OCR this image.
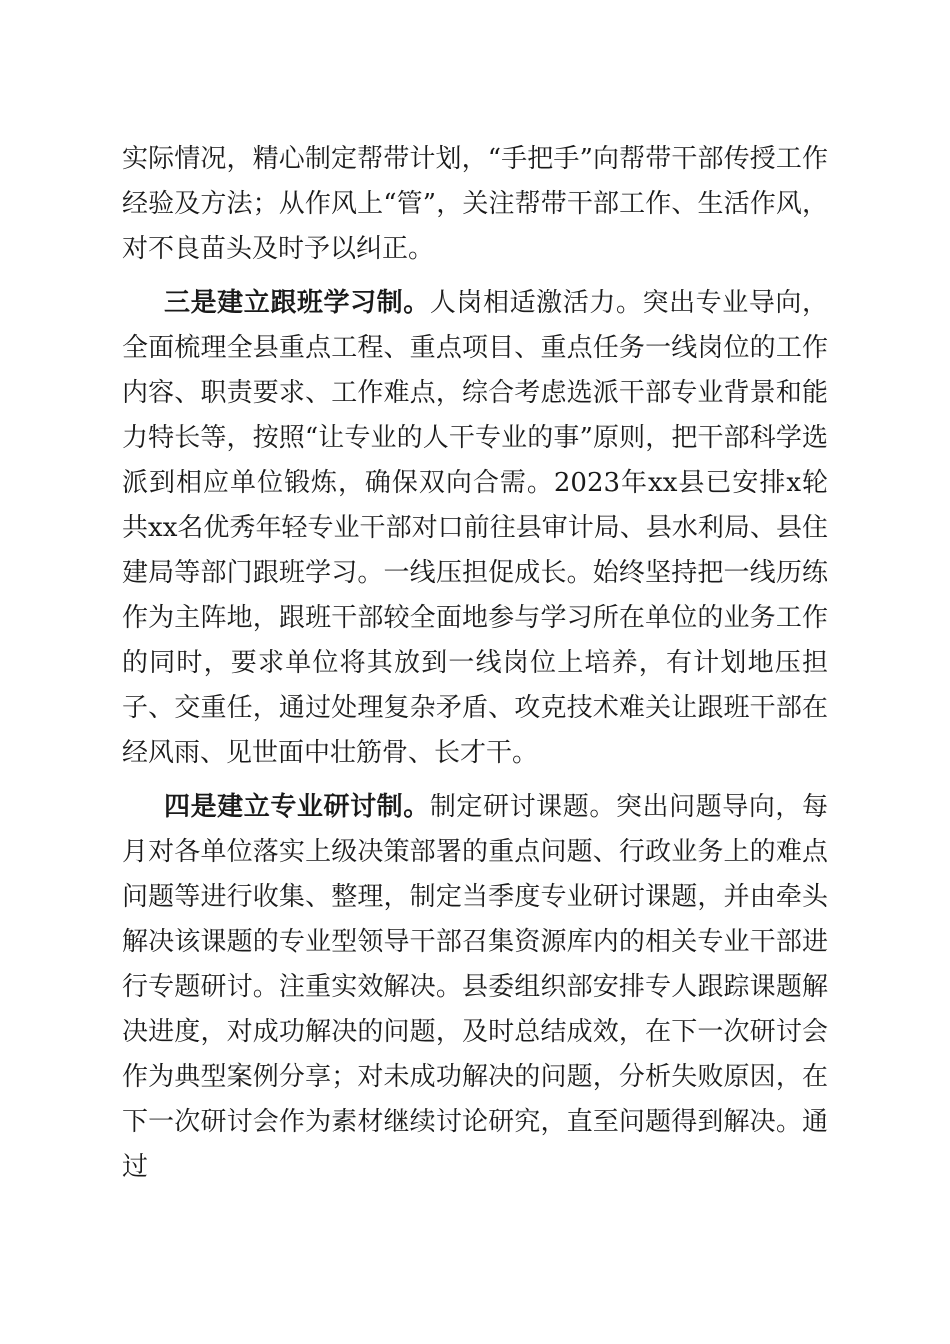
实际情况，精心制定帮带计划，“手把手”向帮带干部传授工作经验及方法；从作风上“管”，关注帮带干部工作、生活作风，对不良苗头及时予以纠正。

三是建立跟班学习制。人岗相适激活力。突出专业导向，全面梳理全县重点工程、重点项目、重点任务一线岗位的工作内容、职责要求、工作难点，综合考虑选派干部专业背景和能力特长等，按照“让专业的人干专业的事”原则，把干部科学选派到相应单位锻炼，确保双向合需。2023年xx县已安排x轮共xx名优秀年轻专业干部对口前往县审计局、县水利局、县住建局等部门跟班学习。一线压担促成长。始终坚持把一线历练作为主阵地，跟班干部较全面地参与学习所在单位的业务工作的同时，要求单位将其放到一线岗位上培养，有计划地压担子、交重任，通过处理复杂矛盾、攻克技术难关让跟班干部在经风雨、见世面中壮筋骨、长才干。

四是建立专业研讨制。制定研讨课题。突出问题导向，每月对各单位落实上级决策部署的重点问题、行政业务上的难点问题等进行收集、整理，制定当季度专业研讨课题，并由牵头解决该课题的专业型领导干部召集资源库内的相关专业干部进行专题研讨。注重实效解决。县委组织部安排专人跟踪课题解决进度，对成功解决的问题，及时总结成效，在下一次研讨会作为典型案例分享；对未成功解决的问题，分析失败原因，在下一次研讨会作为素材继续讨论研究，直至问题得到解决。通过
